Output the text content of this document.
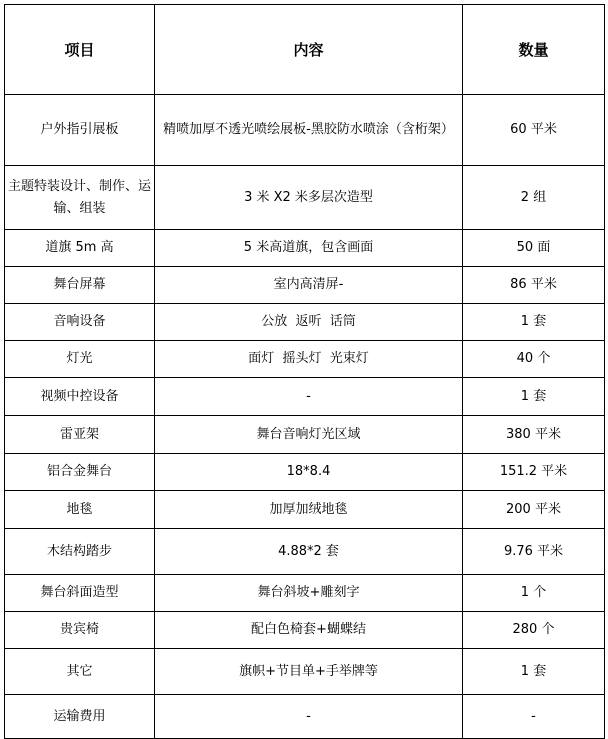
项目	内容	数量
户外指引展板	精喷加厚不透光喷绘展板-黑胶防水喷涂（含桁架）	60 平米
主题特装设计、制作、运输、组装	3 米 X2 米多层次造型	2 组
道旗 5m 高	5 米高道旗，包含画面	50 面
舞台屏幕	室内高清屏-	86 平米
音响设备	公放  返听  话筒	1 套
灯光	面灯  摇头灯  光束灯	40 个
视频中控设备	-	1 套
雷亚架	舞台音响灯光区域	380 平米
铝合金舞台	18*8.4	151.2 平米
地毯	加厚加绒地毯	200 平米
木结构踏步	4.88*2 套	9.76 平米
舞台斜面造型	舞台斜坡+雕刻字	1 个
贵宾椅	配白色椅套+蝴蝶结	280 个
其它	旗帜+节目单+手举牌等	1 套
运输费用	-	-
